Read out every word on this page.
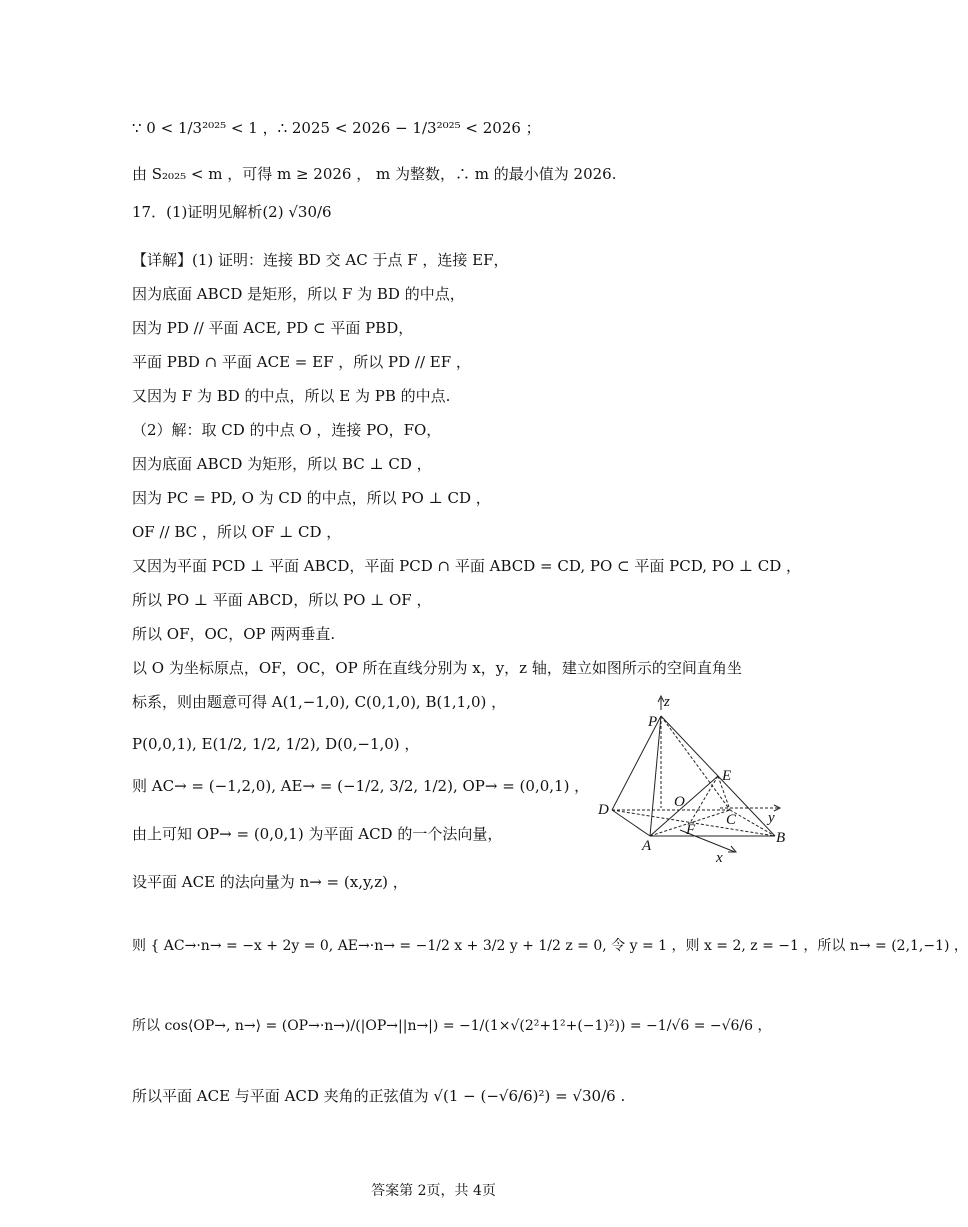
∵ 0 < 1/3²⁰²⁵ < 1 ，∴ 2025 < 2026 − 1/3²⁰²⁵ < 2026 ；
由 S₂₀₂₅ < m ，可得 m ≥ 2026 ， m 为整数，∴ m 的最小值为 2026.
17．(1)证明见解析(2) √30/6
【详解】(1) 证明：连接 BD 交 AC 于点 F ，连接 EF，
因为底面 ABCD 是矩形，所以 F 为 BD 的中点，
因为 PD // 平面 ACE, PD ⊂ 平面 PBD，
平面 PBD ∩ 平面 ACE = EF ，所以 PD // EF ，
又因为 F 为 BD 的中点，所以 E 为 PB 的中点.
（2）解：取 CD 的中点 O ，连接 PO，FO，
因为底面 ABCD 为矩形，所以 BC ⊥ CD ，
因为 PC = PD, O 为 CD 的中点，所以 PO ⊥ CD ，
OF // BC ，所以 OF ⊥ CD ，
又因为平面 PCD ⊥ 平面 ABCD，平面 PCD ∩ 平面 ABCD = CD, PO ⊂ 平面 PCD, PO ⊥ CD ，
所以 PO ⊥ 平面 ABCD，所以 PO ⊥ OF ，
所以 OF，OC，OP 两两垂直.
以 O 为坐标原点，OF，OC，OP 所在直线分别为 x，y，z 轴，建立如图所示的空间直角坐
标系，则由题意可得 A(1,−1,0), C(0,1,0), B(1,1,0) ，
P(0,0,1), E(1/2, 1/2, 1/2), D(0,−1,0) ，
则 AC→ = (−1,2,0), AE→ = (−1/2, 3/2, 1/2), OP→ = (0,0,1) ，
由上可知 OP→ = (0,0,1) 为平面 ACD 的一个法向量，
设平面 ACE 的法向量为 n→ = (x,y,z) ，
则 { AC→·n→ = −x + 2y = 0, AE→·n→ = −1/2 x + 3/2 y + 1/2 z = 0, 令 y = 1 ，则 x = 2, z = −1 ，所以 n→ = (2,1,−1) ，
所以 cos⟨OP→, n→⟩ = (OP→·n→)/(|OP→||n→|) = −1/(1×√(2²+1²+(−1)²)) = −1/√6 = −√6/6 ，
所以平面 ACE 与平面 ACD 夹角的正弦值为 √(1 − (−√6/6)²) = √30/6 .
z
P
E
D	O
C y
F	B
A
x
答案第 2页，共 4页
